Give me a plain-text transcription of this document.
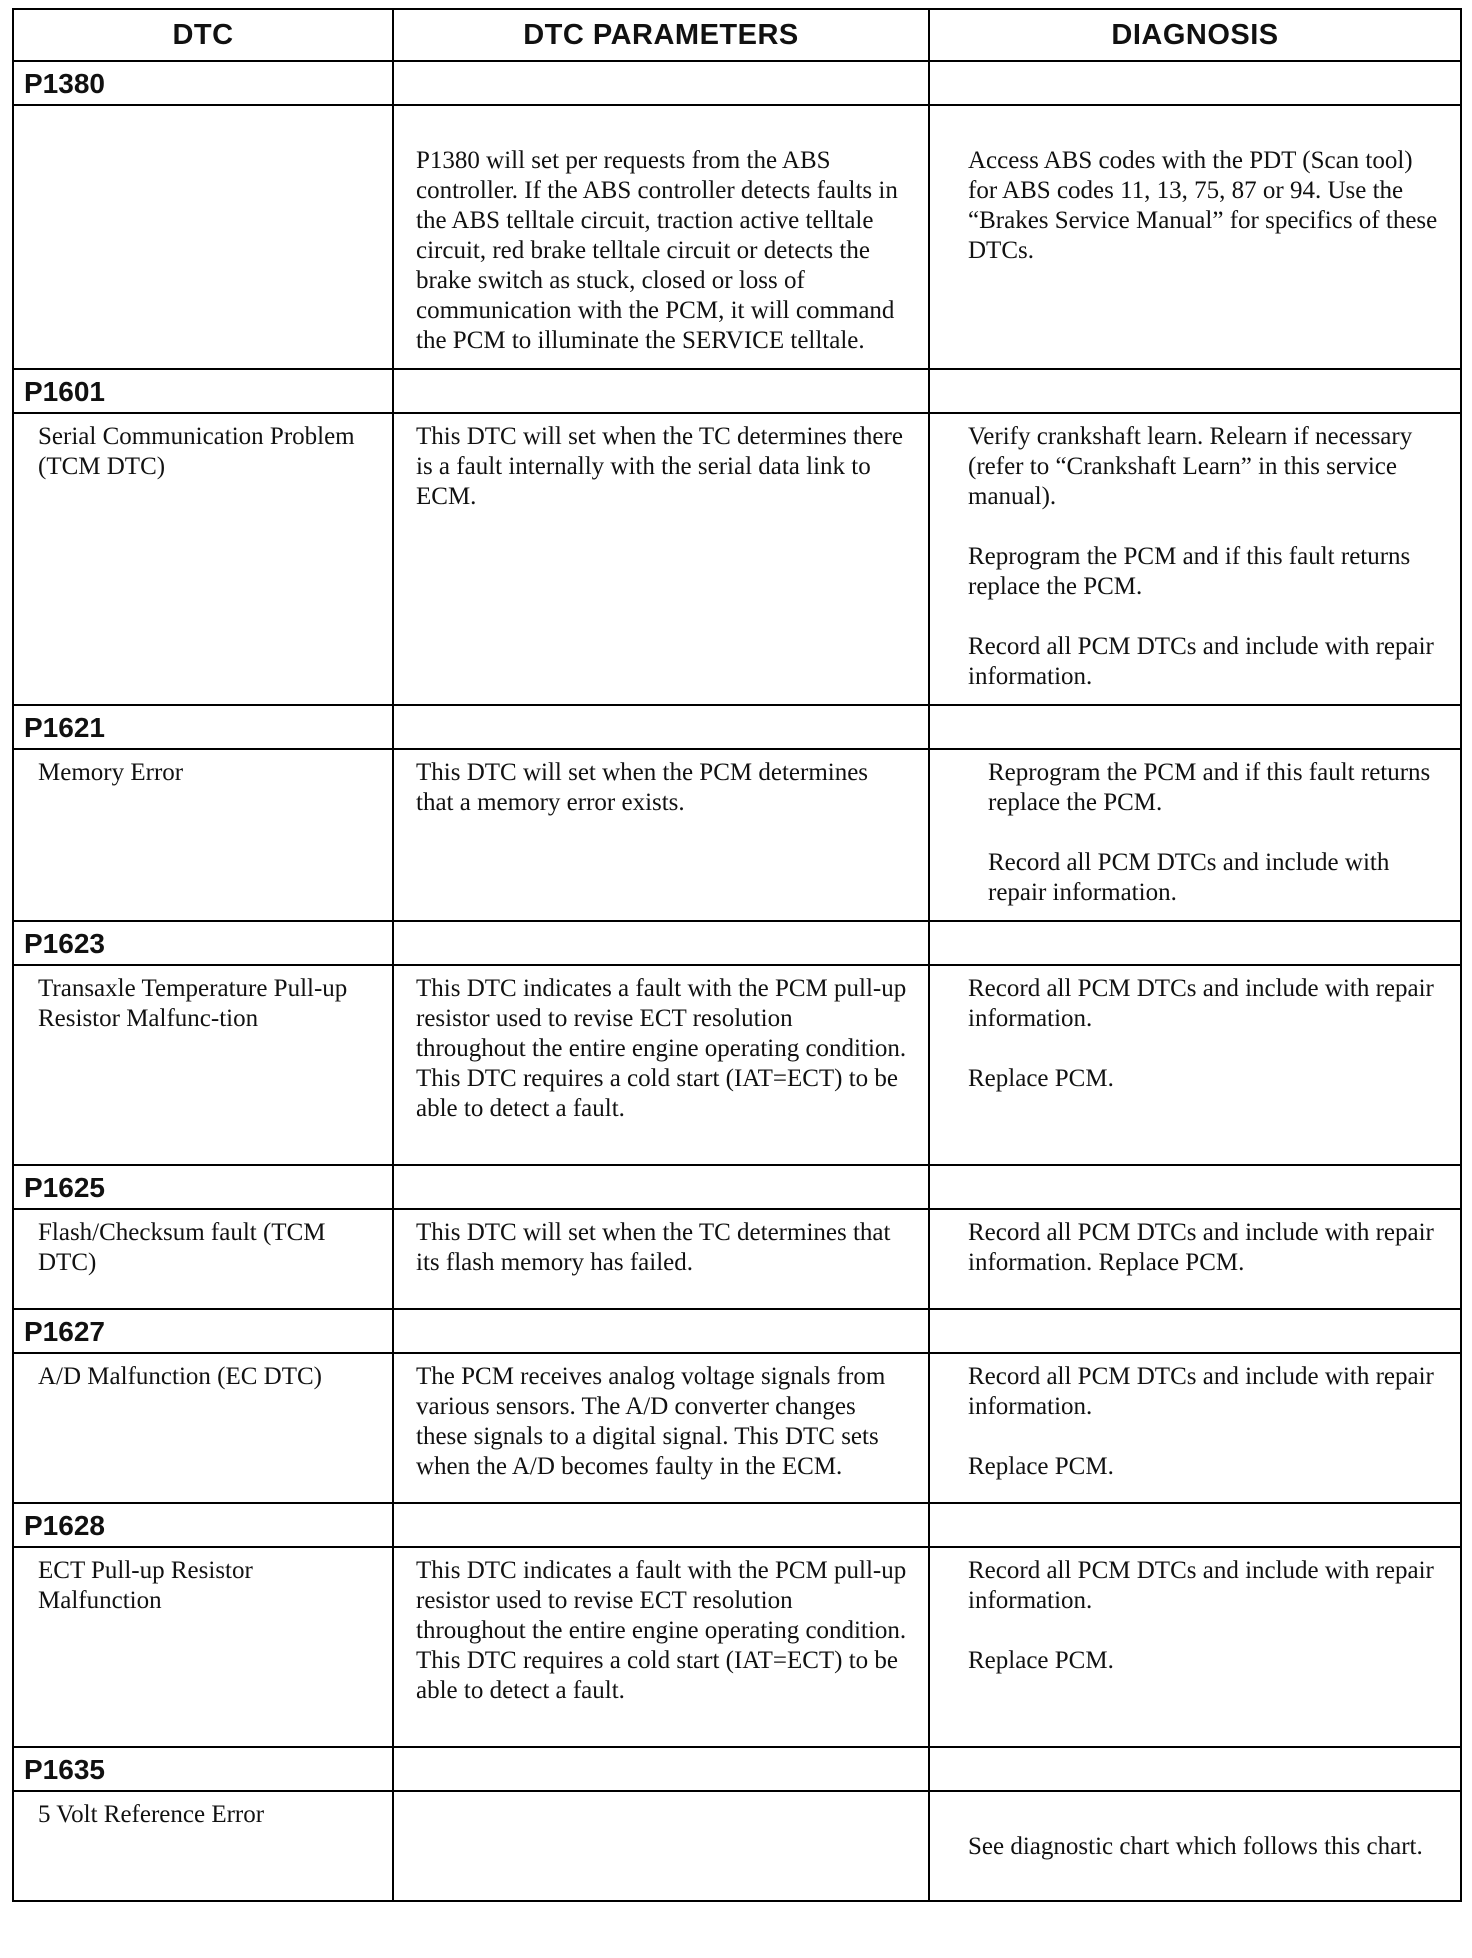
DTC	DTC PARAMETERS	DIAGNOSIS

P1380		

	P1380 will set per requests from the ABS controller. If the ABS controller detects faults in the ABS telltale circuit, traction active telltale circuit, red brake telltale circuit or detects the brake switch as stuck, closed or loss of communication with the PCM, it will command the PCM to illuminate the SERVICE telltale.	Access ABS codes with the PDT (Scan tool) for ABS codes 11, 13, 75, 87 or 94. Use the “Brakes Service Manual” for specifics of these DTCs.

P1601		

Serial Communication Problem (TCM DTC)	This DTC will set when the TC determines there is a fault internally with the serial data link to ECM.	Verify crankshaft learn. Relearn if necessary (refer to “Crankshaft Learn” in this service manual).
Reprogram the PCM and if this fault returns replace the PCM.
Record all PCM DTCs and include with repair information.

P1621		

Memory Error	This DTC will set when the PCM determines that a memory error exists.	Reprogram the PCM and if this fault returns replace the PCM.
Record all PCM DTCs and include with repair information.

P1623		

Transaxle Temperature Pull-up Resistor Malfunc-tion	This DTC indicates a fault with the PCM pull-up resistor used to revise ECT resolution throughout the entire engine operating condition. This DTC requires a cold start (IAT=ECT) to be able to detect a fault.	Record all PCM DTCs and include with repair information.
Replace PCM.

P1625		

Flash/Checksum fault (TCM DTC)	This DTC will set when the TC determines that its flash memory has failed.	Record all PCM DTCs and include with repair information. Replace PCM.

P1627		

A/D Malfunction (EC DTC)	The PCM receives analog voltage signals from various sensors. The A/D converter changes these signals to a digital signal. This DTC sets when the A/D becomes faulty in the ECM.	Record all PCM DTCs and include with repair information.
Replace PCM.

P1628		

ECT Pull-up Resistor Malfunction	This DTC indicates a fault with the PCM pull-up resistor used to revise ECT resolution throughout the entire engine operating condition. This DTC requires a cold start (IAT=ECT) to be able to detect a fault.	Record all PCM DTCs and include with repair information.
Replace PCM.

P1635		

5 Volt Reference Error		See diagnostic chart which follows this chart.
